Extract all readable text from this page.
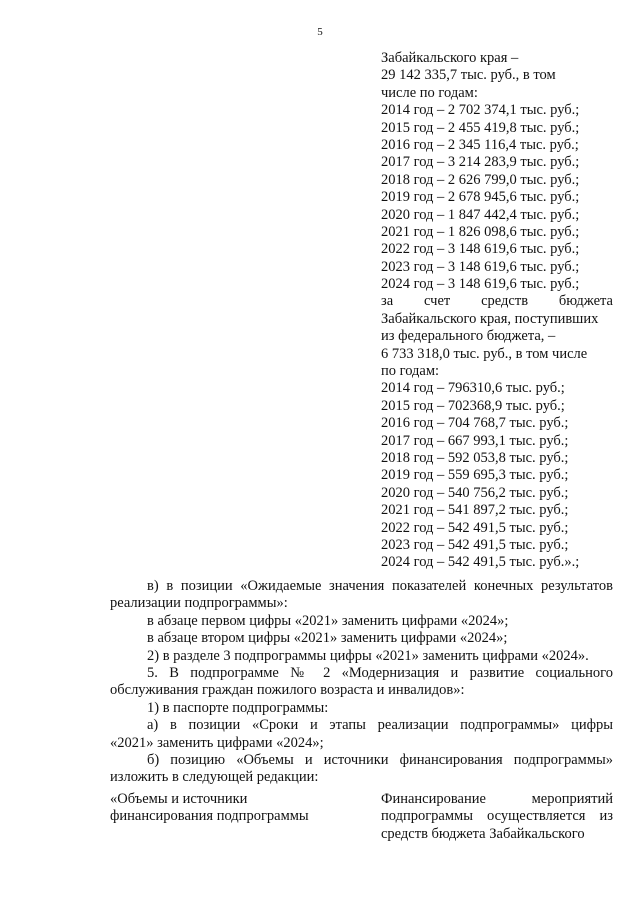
5
Забайкальского края –
29 142 335,7 тыс. руб., в том
числе по годам:
2014 год – 2 702 374,1 тыс. руб.;
2015 год – 2 455 419,8 тыс. руб.;
2016 год – 2 345 116,4 тыс. руб.;
2017 год – 3 214 283,9 тыс. руб.;
2018 год – 2 626 799,0 тыс. руб.;
2019 год – 2 678 945,6 тыс. руб.;
2020 год – 1 847 442,4 тыс. руб.;
2021 год – 1 826 098,6 тыс. руб.;
2022 год – 3 148 619,6 тыс. руб.;
2023 год – 3 148 619,6 тыс. руб.;
2024 год – 3 148 619,6 тыс. руб.;
за счет средств бюджета
Забайкальского края, поступивших
из федерального бюджета, –
6 733 318,0 тыс. руб., в том числе
по годам:
2014 год – 796310,6 тыс. руб.;
2015 год – 702368,9 тыс. руб.;
2016 год – 704 768,7 тыс. руб.;
2017 год – 667 993,1 тыс. руб.;
2018 год – 592 053,8 тыс. руб.;
2019 год – 559 695,3 тыс. руб.;
2020 год – 540 756,2 тыс. руб.;
2021 год – 541 897,2 тыс. руб.;
2022 год – 542 491,5 тыс. руб.;
2023 год – 542 491,5 тыс. руб.;
2024 год – 542 491,5 тыс. руб.».;

в) в позиции «Ожидаемые значения показателей конечных результатов

реализации подпрограммы»:

в абзаце первом цифры «2021» заменить цифрами «2024»;

в абзаце втором цифры «2021» заменить цифрами «2024»;

2) в разделе 3 подпрограммы цифры «2021» заменить цифрами «2024».

5. В подпрограмме № 2 «Модернизация и развитие социального

обслуживания граждан пожилого возраста и инвалидов»:

1) в паспорте подпрограммы:

а) в позиции «Сроки и этапы реализации подпрограммы» цифры

«2021» заменить цифрами «2024»;

б) позицию «Объемы и источники финансирования подпрограммы»

изложить в следующей редакции:

«Объемы и источники
финансирования подпрограммы
Финансирование мероприятий
подпрограммы осуществляется из
средств бюджета Забайкальского
